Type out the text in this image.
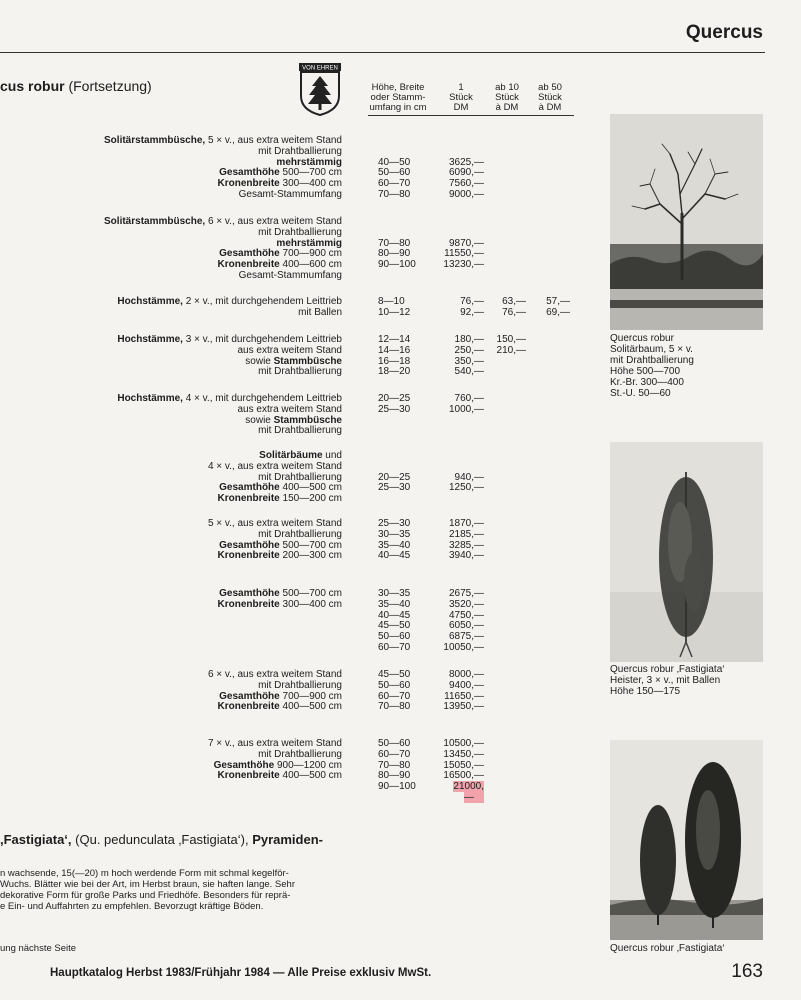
Quercus
cus robur (Fortsetzung)
VON EHREN
Höhe, Breite
oder Stamm-
umfang in cm
1
Stück
DM
ab 10
Stück
à DM
ab 50
Stück
à DM
Solitärstammbüsche, 5 × v., aus extra weitem Stand
mit Drahtballierung
mehrstämmig
Gesamthöhe 500—700 cm
Kronenbreite 300—400 cm
Gesamt-Stammumfang
40—50
50—60
60—70
70—80
3625,—
6090,—
7560,—
9000,—
Solitärstammbüsche, 6 × v., aus extra weitem Stand
mit Drahtballierung
mehrstämmig
Gesamthöhe 700—900 cm
Kronenbreite 400—600 cm
Gesamt-Stammumfang
70—80
80—90
90—100
9870,—
11550,—
13230,—
Hochstämme, 2 × v., mit durchgehendem Leittrieb
mit Ballen
8—10
10—12
76,—
92,—
63,—
76,—
57,—
69,—
Hochstämme, 3 × v., mit durchgehendem Leittrieb
aus extra weitem Stand
sowie Stammbüsche
mit Drahtballierung
12—14
14—16
16—18
18—20
180,—
250,—
350,—
540,—
150,—
210,—
Hochstämme, 4 × v., mit durchgehendem Leittrieb
aus extra weitem Stand
sowie Stammbüsche
mit Drahtballierung
20—25
25—30
760,—
1000,—
Solitärbäume und
4 × v., aus extra weitem Stand
mit Drahtballierung
Gesamthöhe 400—500 cm
Kronenbreite 150—200 cm
20—25
25—30
940,—
1250,—
5 × v., aus extra weitem Stand
mit Drahtballierung
Gesamthöhe 500—700 cm
Kronenbreite 200—300 cm
25—30
30—35
35—40
40—45
1870,—
2185,—
3285,—
3940,—
Gesamthöhe 500—700 cm
Kronenbreite 300—400 cm
30—35
35—40
40—45
45—50
50—60
60—70
2675,—
3520,—
4750,—
6050,—
6875,—
10050,—
6 × v., aus extra weitem Stand
mit Drahtballierung
Gesamthöhe 700—900 cm
Kronenbreite 400—500 cm
45—50
50—60
60—70
70—80
8000,—
9400,—
11650,—
13950,—
7 × v., aus extra weitem Stand
mit Drahtballierung
Gesamthöhe 900—1200 cm
Kronenbreite 400—500 cm
50—60
60—70
70—80
80—90
90—100
10500,—
13450,—
15050,—
16500,—
21000,—
Quercus robur
Solitärbaum, 5 × v.
mit Drahtballierung
Höhe 500—700
Kr.-Br. 300—400
St.-U. 50—60
Quercus robur ‚Fastigiata‘
Heister, 3 × v., mit Ballen
Höhe 150—175
Quercus robur ‚Fastigiata‘
,Fastigiata‘, (Qu. pedunculata ‚Fastigiata‘), Pyramiden-
n wachsende, 15(—20) m hoch werdende Form mit schmal kegelför-
Wuchs. Blätter wie bei der Art, im Herbst braun, sie haften lange. Sehr
dekorative Form für große Parks und Friedhöfe. Besonders für reprä-
e Ein- und Auffahrten zu empfehlen. Bevorzugt kräftige Böden.
ung nächste Seite
Hauptkatalog Herbst 1983/Frühjahr 1984 — Alle Preise exklusiv MwSt.	163
